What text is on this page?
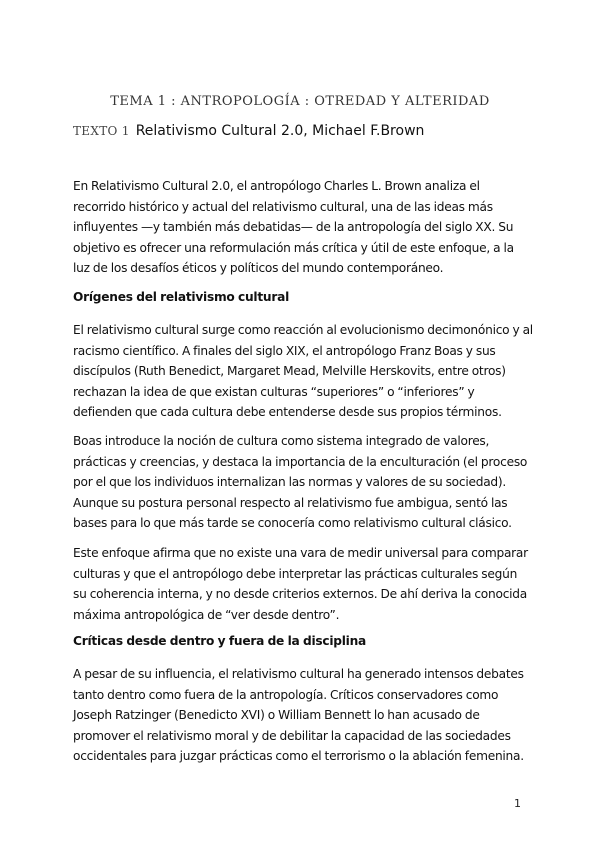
TEMA 1 : ANTROPOLOGÍA : OTREDAD Y ALTERIDAD
TEXTO 1 Relativismo Cultural 2.0, Michael F.Brown
En Relativismo Cultural 2.0, el antropólogo Charles L. Brown analiza el recorrido histórico y actual del relativismo cultural, una de las ideas más influyentes —y también más debatidas— de la antropología del siglo XX. Su objetivo es ofrecer una reformulación más crítica y útil de este enfoque, a la luz de los desafíos éticos y políticos del mundo contemporáneo.
Orígenes del relativismo cultural
El relativismo cultural surge como reacción al evolucionismo decimonónico y al racismo científico. A finales del siglo XIX, el antropólogo Franz Boas y sus discípulos (Ruth Benedict, Margaret Mead, Melville Herskovits, entre otros) rechazan la idea de que existan culturas “superiores” o “inferiores” y defienden que cada cultura debe entenderse desde sus propios términos.
Boas introduce la noción de cultura como sistema integrado de valores, prácticas y creencias, y destaca la importancia de la enculturación (el proceso por el que los individuos internalizan las normas y valores de su sociedad). Aunque su postura personal respecto al relativismo fue ambigua, sentó las bases para lo que más tarde se conocería como relativismo cultural clásico.
Este enfoque afirma que no existe una vara de medir universal para comparar culturas y que el antropólogo debe interpretar las prácticas culturales según su coherencia interna, y no desde criterios externos. De ahí deriva la conocida máxima antropológica de “ver desde dentro”.
Críticas desde dentro y fuera de la disciplina
A pesar de su influencia, el relativismo cultural ha generado intensos debates tanto dentro como fuera de la antropología. Críticos conservadores como Joseph Ratzinger (Benedicto XVI) o William Bennett lo han acusado de promover el relativismo moral y de debilitar la capacidad de las sociedades occidentales para juzgar prácticas como el terrorismo o la ablación femenina.
1
